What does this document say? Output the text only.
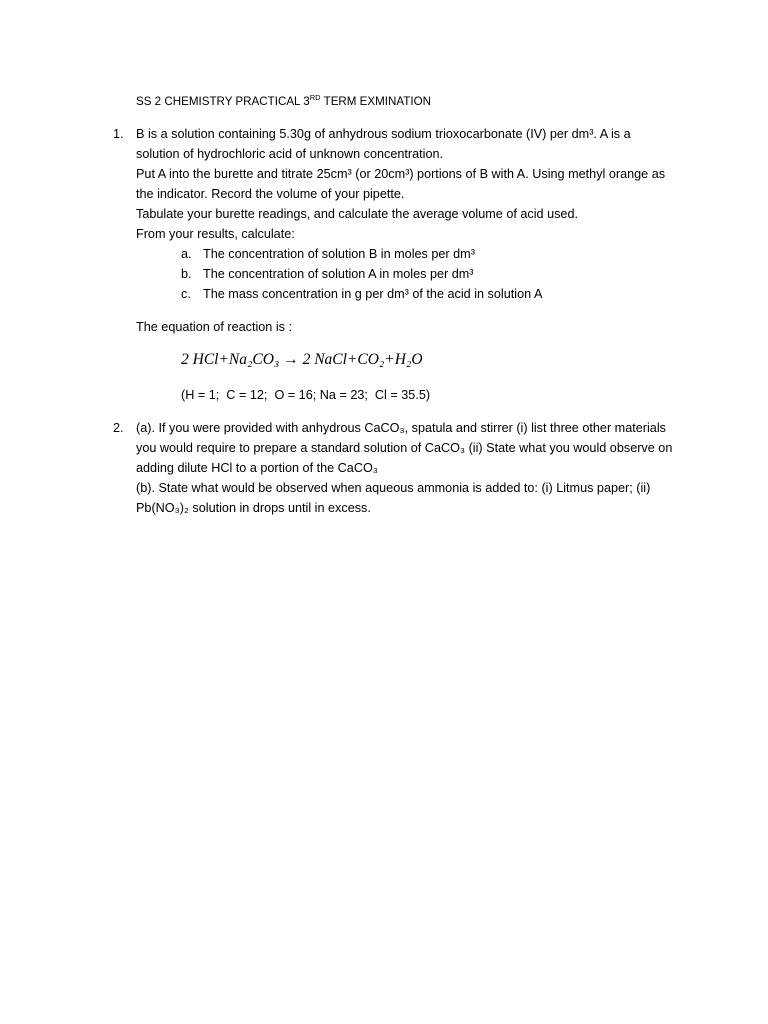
SS 2 CHEMISTRY PRACTICAL 3RD TERM EXMINATION
1. B is a solution containing 5.30g of anhydrous sodium trioxocarbonate (IV) per dm³. A is a
solution of hydrochloric acid of unknown concentration.
Put A into the burette and titrate 25cm³ (or 20cm³) portions of B with A. Using methyl orange as
the indicator. Record the volume of your pipette.
Tabulate your burette readings, and calculate the average volume of acid used.
From your results, calculate:
a. The concentration of solution B in moles per dm³
b. The concentration of solution A in moles per dm³
c. The mass concentration in g per dm³ of the acid in solution A
The equation of reaction is :
2 HCl+Na₂CO₃ → 2 NaCl+CO₂+H₂O
(H = 1;  C = 12;  O = 16; Na = 23;  Cl = 35.5)
2. (a). If you were provided with anhydrous CaCO₃, spatula and stirrer (i) list three other materials
you would require to prepare a standard solution of CaCO₃ (ii) State what you would observe on
adding dilute HCl to a portion of the CaCO₃
(b). State what would be observed when aqueous ammonia is added to: (i) Litmus paper; (ii)
Pb(NO₃)₂ solution in drops until in excess.
